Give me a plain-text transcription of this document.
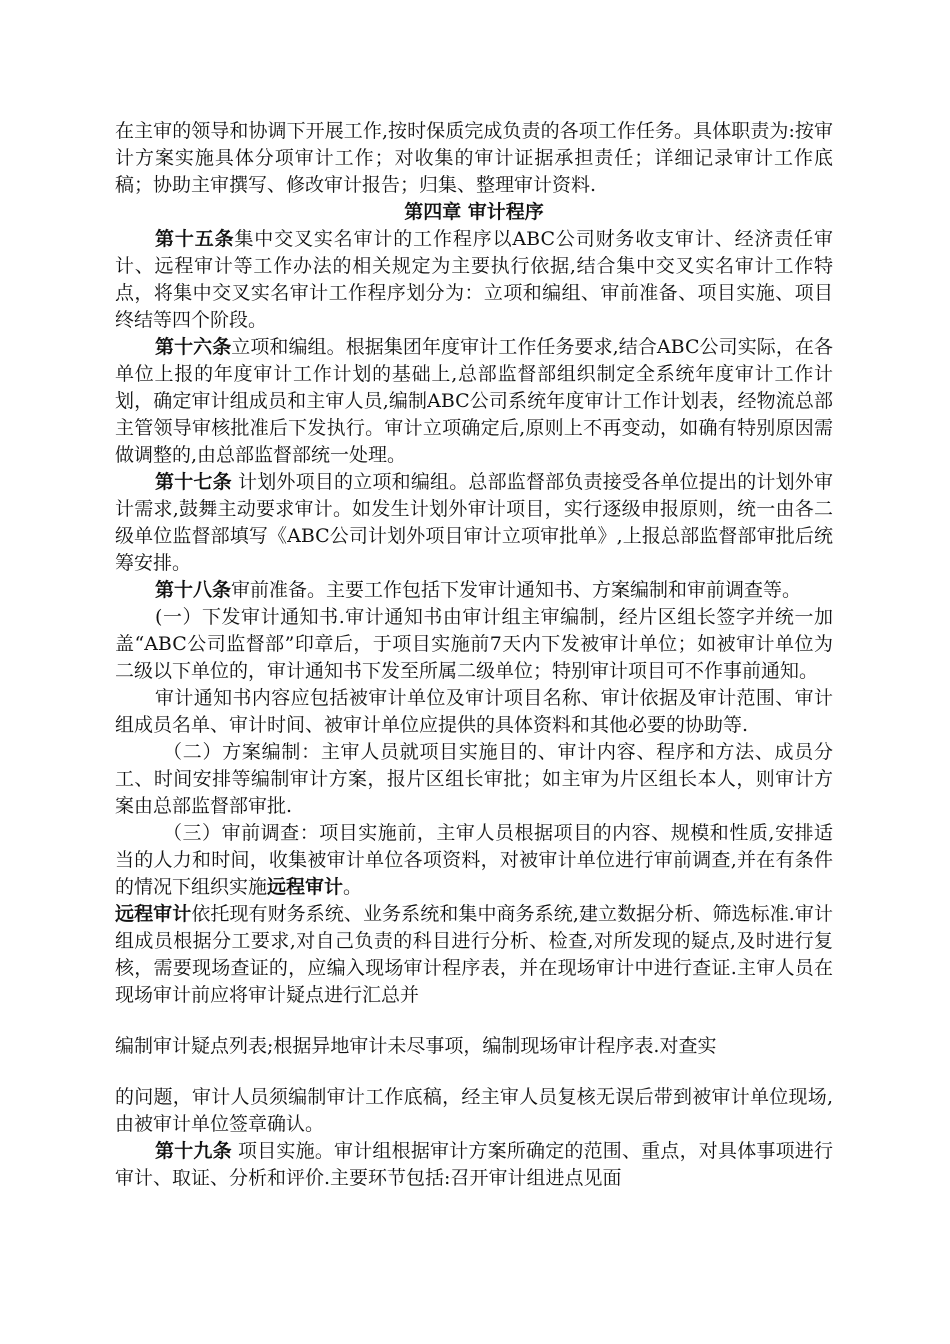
在主审的领导和协调下开展工作,按时保质完成负责的各项工作任务。具体职责为:按审计方案实施具体分项审计工作；对收集的审计证据承担责任；详细记录审计工作底稿；协助主审撰写、修改审计报告；归集、整理审计资料.

第四章 审计程序

第十五条集中交叉实名审计的工作程序以ABC公司财务收支审计、经济责任审计、远程审计等工作办法的相关规定为主要执行依据,结合集中交叉实名审计工作特点，将集中交叉实名审计工作程序划分为：立项和编组、审前准备、项目实施、项目终结等四个阶段。

第十六条立项和编组。根据集团年度审计工作任务要求,结合ABC公司实际，在各单位上报的年度审计工作计划的基础上,总部监督部组织制定全系统年度审计工作计划，确定审计组成员和主审人员,编制ABC公司系统年度审计工作计划表，经物流总部主管领导审核批准后下发执行。审计立项确定后,原则上不再变动，如确有特别原因需做调整的,由总部监督部统一处理。

第十七条 计划外项目的立项和编组。总部监督部负责接受各单位提出的计划外审计需求,鼓舞主动要求审计。如发生计划外审计项目，实行逐级申报原则，统一由各二级单位监督部填写《ABC公司计划外项目审计立项审批单》,上报总部监督部审批后统筹安排。

第十八条审前准备。主要工作包括下发审计通知书、方案编制和审前调查等。

(一）下发审计通知书.审计通知书由审计组主审编制，经片区组长签字并统一加盖“ABC公司监督部”印章后，于项目实施前7天内下发被审计单位；如被审计单位为二级以下单位的，审计通知书下发至所属二级单位；特别审计项目可不作事前通知。

审计通知书内容应包括被审计单位及审计项目名称、审计依据及审计范围、审计组成员名单、审计时间、被审计单位应提供的具体资料和其他必要的协助等.

（二）方案编制：主审人员就项目实施目的、审计内容、程序和方法、成员分工、时间安排等编制审计方案，报片区组长审批；如主审为片区组长本人，则审计方案由总部监督部审批.

（三）审前调查：项目实施前，主审人员根据项目的内容、规模和性质,安排适当的人力和时间，收集被审计单位各项资料，对被审计单位进行审前调查,并在有条件的情况下组织实施远程审计。

远程审计依托现有财务系统、业务系统和集中商务系统,建立数据分析、筛选标准.审计组成员根据分工要求,对自己负责的科目进行分析、检查,对所发现的疑点,及时进行复核，需要现场查证的，应编入现场审计程序表，并在现场审计中进行查证.主审人员在现场审计前应将审计疑点进行汇总并

编制审计疑点列表;根据异地审计未尽事项，编制现场审计程序表.对查实

的问题，审计人员须编制审计工作底稿，经主审人员复核无误后带到被审计单位现场, 由被审计单位签章确认。

第十九条 项目实施。审计组根据审计方案所确定的范围、重点，对具体事项进行审计、取证、分析和评价.主要环节包括:召开审计组进点见面
